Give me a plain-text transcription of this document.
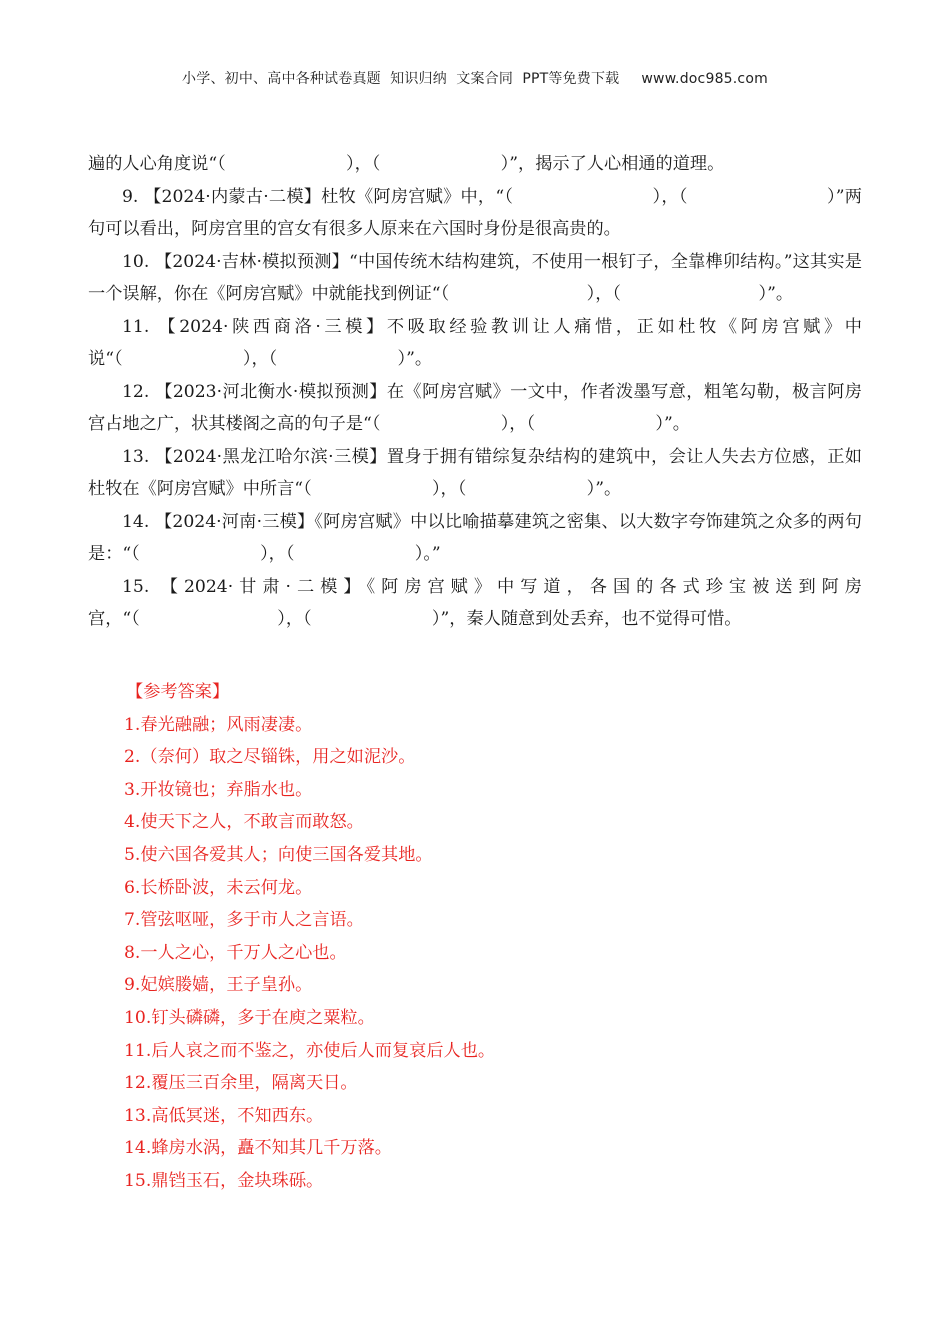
小学、初中、高中各种试卷真题  知识归纳  文案合同  PPT等免费下载 www.doc985.com

遍的人心角度说“（　　　　　　　），（　　　　　　　）”，揭示了人心相通的道理。

9. 【2024·内蒙古·二模】杜牧《阿房宫赋》中，“（　　　　　　　　），（　　　　　　　　）”两句可以看出，阿房宫里的宫女有很多人原来在六国时身份是很高贵的。

10. 【2024·吉林·模拟预测】“中国传统木结构建筑，不使用一根钉子，全靠榫卯结构。”这其实是一个误解，你在《阿房宫赋》中就能找到例证“（　　　　　　　　），（　　　　　　　　）”。

11. 【2024·陕西商洛·三模】不吸取经验教训让人痛惜，正如杜牧《阿房宫赋》中说“（　　　　　　　），（　　　　　　　）”。

12. 【2023·河北衡水·模拟预测】在《阿房宫赋》一文中，作者泼墨写意，粗笔勾勒，极言阿房宫占地之广，状其楼阁之高的句子是“（　　　　　　　），（　　　　　　　）”。

13. 【2024·黑龙江哈尔滨·三模】置身于拥有错综复杂结构的建筑中，会让人失去方位感，正如杜牧在《阿房宫赋》中所言“（　　　　　　　），（　　　　　　　）”。

14. 【2024·河南·三模】《阿房宫赋》中以比喻描摹建筑之密集、以大数字夸饰建筑之众多的两句是：“（　　　　　　　），（　　　　　　　）。”

15. 【2024·甘肃·二模】《阿房宫赋》中写道，各国的各式珍宝被送到阿房宫，“（　　　　　　　　），（　　　　　　　）”，秦人随意到处丢弃，也不觉得可惜。

【参考答案】
1.春光融融；风雨凄凄。
2.（奈何）取之尽锱铢，用之如泥沙。
3.开妆镜也；弃脂水也。
4.使天下之人，不敢言而敢怒。
5.使六国各爱其人；向使三国各爱其地。
6.长桥卧波，未云何龙。
7.管弦呕哑，多于市人之言语。
8.一人之心，千万人之心也。
9.妃嫔媵嫱，王子皇孙。
10.钉头磷磷，多于在庾之粟粒。
11.后人哀之而不鉴之，亦使后人而复哀后人也。
12.覆压三百余里，隔离天日。
13.高低冥迷，不知西东。
14.蜂房水涡，矗不知其几千万落。
15.鼎铛玉石，金块珠砾。
